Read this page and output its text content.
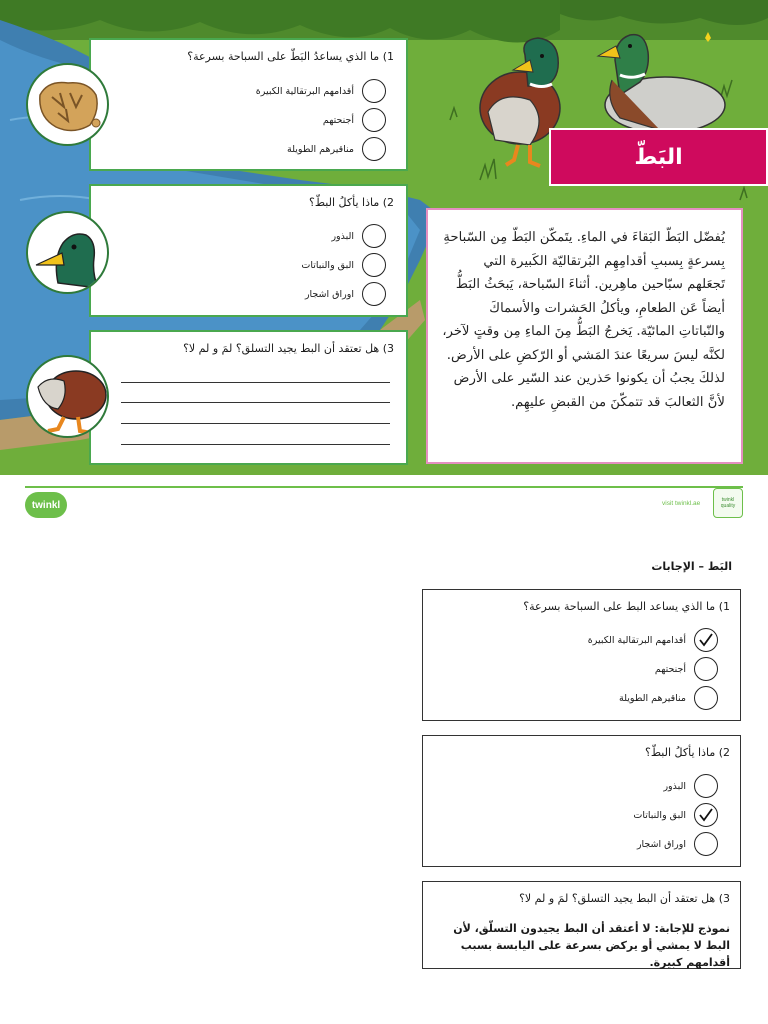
البَطّ
يُفضّل البَطّ البَقاءَ في الماءِ. يتَمكّن البَطّ مِن السّباحةِ بِسرعةٍ بِسببِ أقدامِهِم البُرتقاليّة الكَبيرة التي تَجعَلهم سبّاحين ماهِرين. أثناءَ السّباحة، يَبحَثُ البَطُّ أيضاً عَن الطعامِ، ويأكلُ الحَشرات والأسماكَ والنّباتاتِ المائيّة. يَخرجُ البَطُّ مِنَ الماءِ مِن وقتٍ لآخر، لكنَّه ليسَ سريعًا عندَ المَشي أو الرّكضِ على الأرض. لذلكَ يجبُ أن يكونوا حَذرين عند السّير على الأرض لأنَّ الثعالبَ قد تتمكّنَ من القبضِ عليهِم.
1) ما الذي يساعدُ البَطّ على السباحة بسرعة؟
أقدامهم البرتقالية الكبيرة
أجنحتهم
مناقيرهم الطويلة
2) ماذا يأكلُ البطّ؟
البذور
البق والنباتات
اوراق اشجار
3) هل تعتقد أن البط يجيد التسلق؟ لمَ و لم لا؟
twinkl	visit twinkl.ae	twinkl quality
البَط – الإجابات
1) ما الذي يساعد البط على السباحة بسرعة؟
أقدامهم البرتقالية الكبيرة
أجنحتهم
مناقيرهم الطويلة
2) ماذا يأكلُ البطّ؟
البذور
البق والنباتات
اوراق اشجار
3) هل تعتقد أن البط يجيد التسلق؟ لمَ و لم لا؟
نموذج للإجابة: لا أعتقد أن البط يجيدون التسلّق، لأن البط لا يمشي أو يركض بسرعة على اليابسة بسبب أقدامهم كبيرة.
